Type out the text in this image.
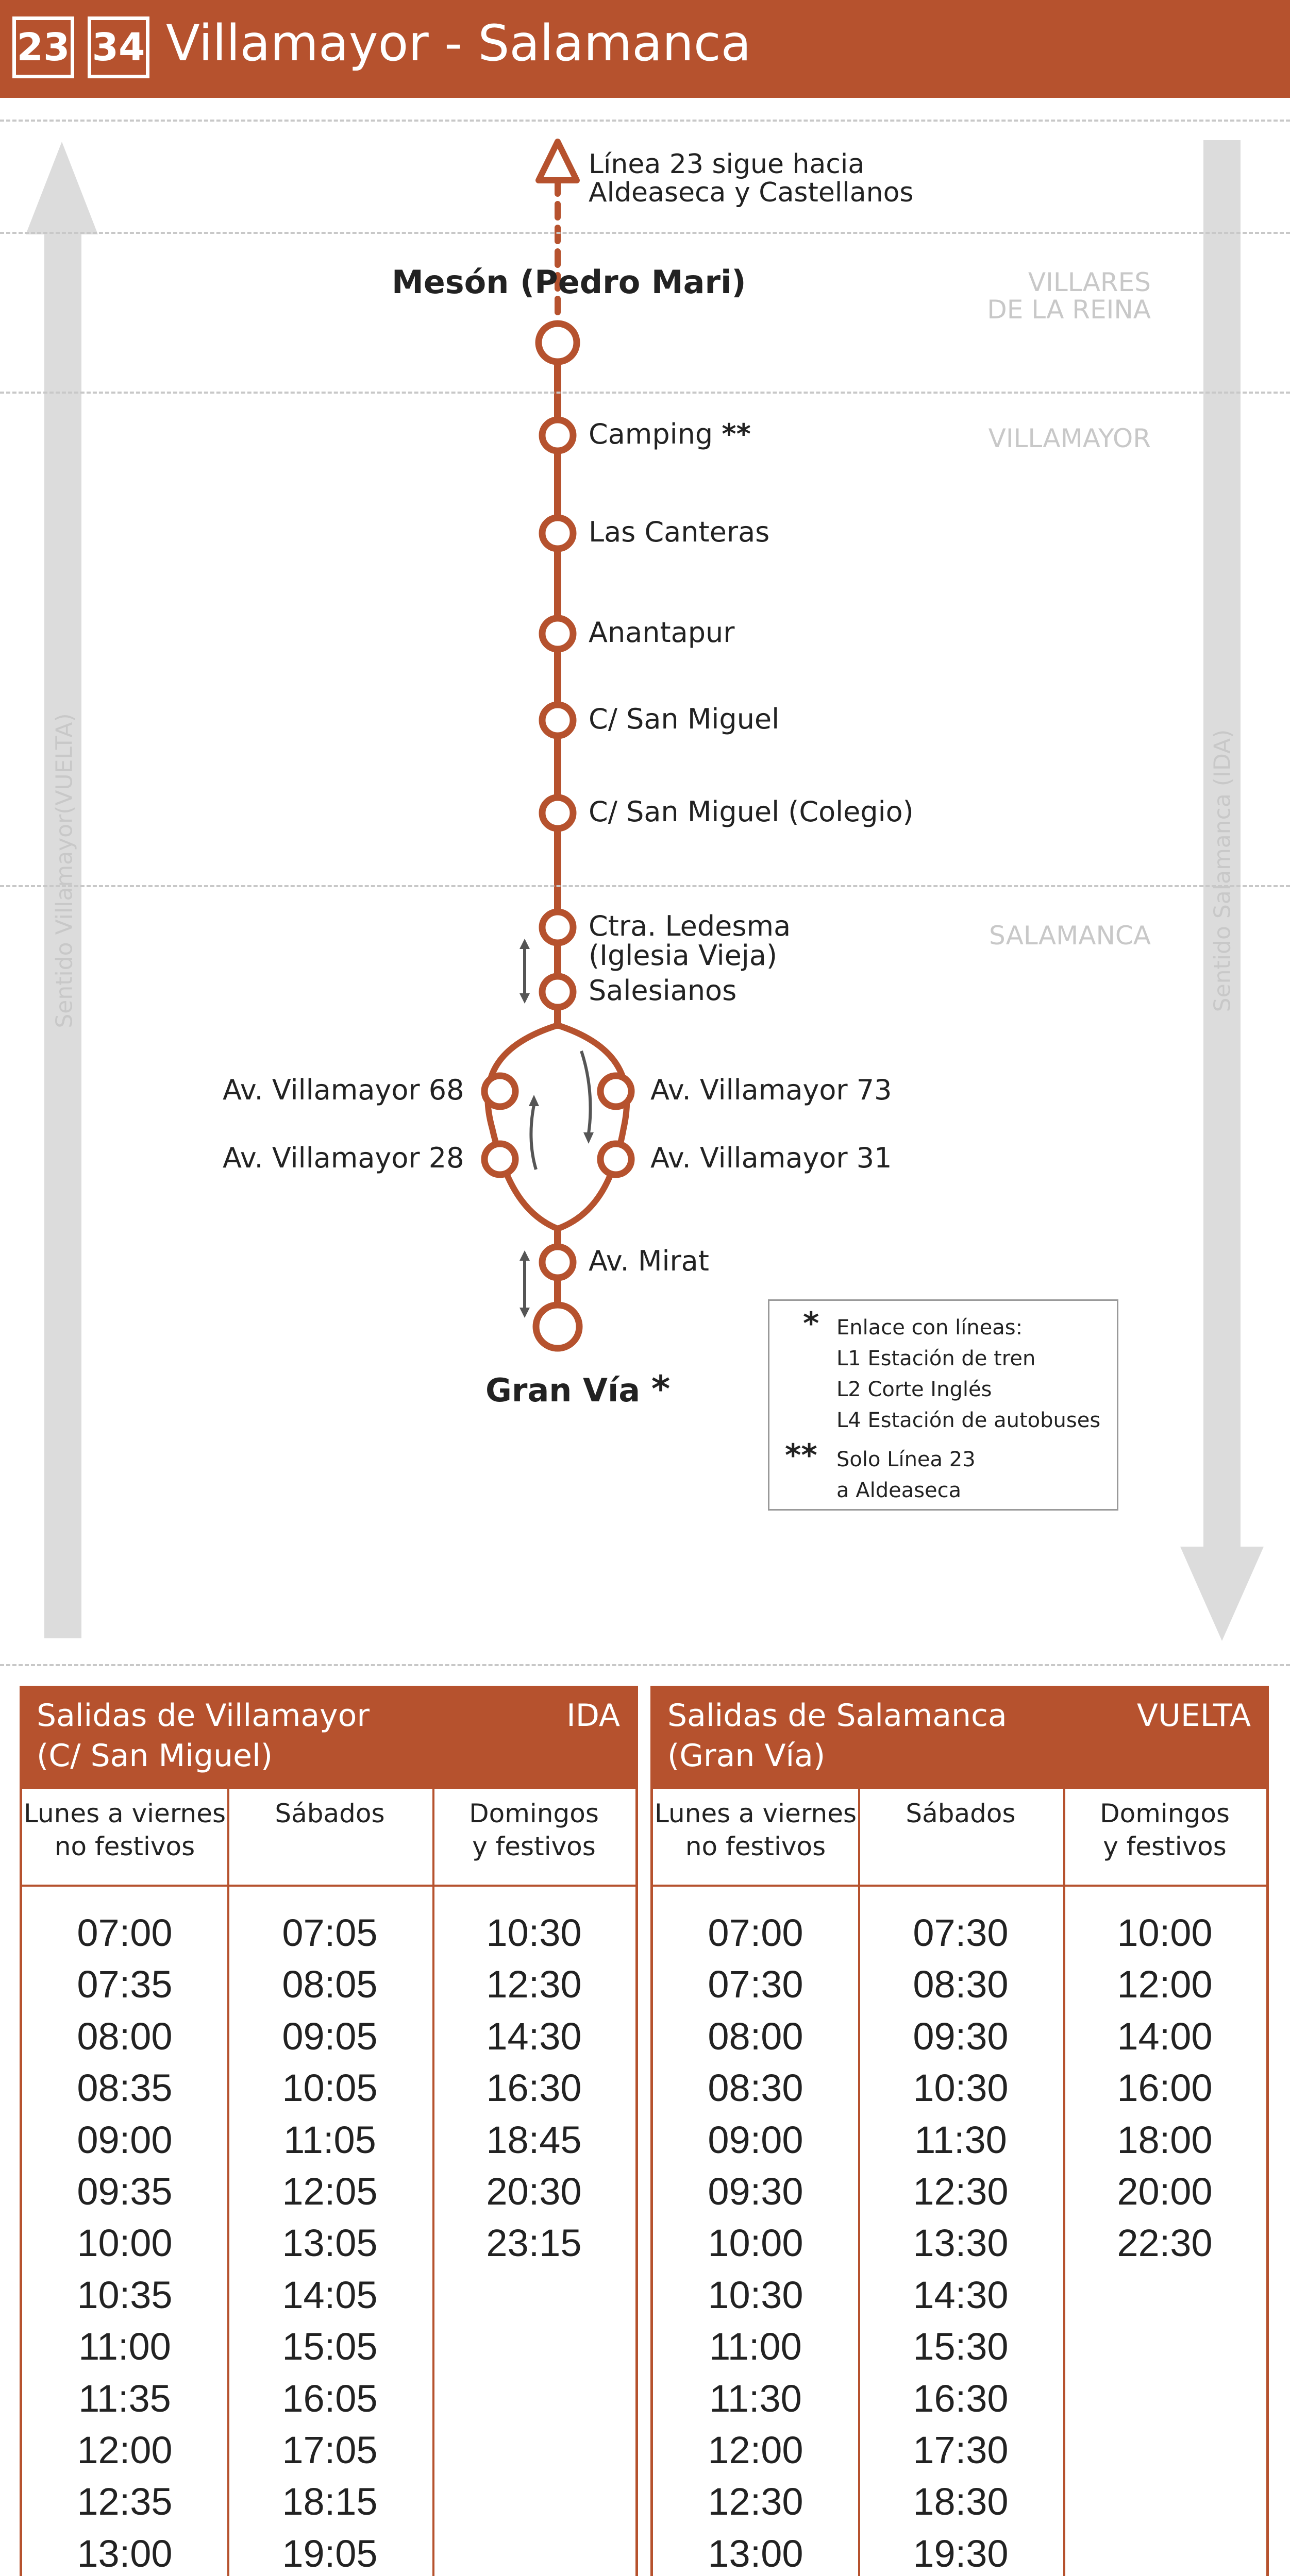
23 34 Villamayor - Salamanca
VILLARES
DE LA REINA
VILLAMAYOR
SALAMANCA
Sentido Villamayor(VUELTA)	Sentido Salamanca (IDA)
Línea 23 sigue hacia
Aldeaseca y Castellanos
Mesón (Pedro Mari)
Camping **
Las Canteras
Anantapur
C/ San Miguel
C/ San Miguel (Colegio)
Ctra. Ledesma
(Iglesia Vieja)
Salesianos
Av. Villamayor 68
Av. Villamayor 28
Av. Villamayor 73
Av. Villamayor 31
Av. Mirat
Gran Vía *
* Enlace con líneas:
L1 Estación de tren
L2 Corte Inglés
L4 Estación de autobuses
** Solo Línea 23
a Aldeaseca
Salidas de Villamayor
(C/ San Miguel)
IDA
Lunes a viernes
no festivos
07:00
07:35
08:00
08:35
09:00
09:35
10:00
10:35
11:00
11:35
12:00
12:35
13:00
Sábados
07:05
08:05
09:05
10:05
11:05
12:05
13:05
14:05
15:05
16:05
17:05
18:15
19:05
Domingos
y festivos
10:30
12:30
14:30
16:30
18:45
20:30
23:15
Salidas de Salamanca
(Gran Vía)
VUELTA
Lunes a viernes
no festivos
07:00
07:30
08:00
08:30
09:00
09:30
10:00
10:30
11:00
11:30
12:00
12:30
13:00
Sábados
07:30
08:30
09:30
10:30
11:30
12:30
13:30
14:30
15:30
16:30
17:30
18:30
19:30
Domingos
y festivos
10:00
12:00
14:00
16:00
18:00
20:00
22:30
